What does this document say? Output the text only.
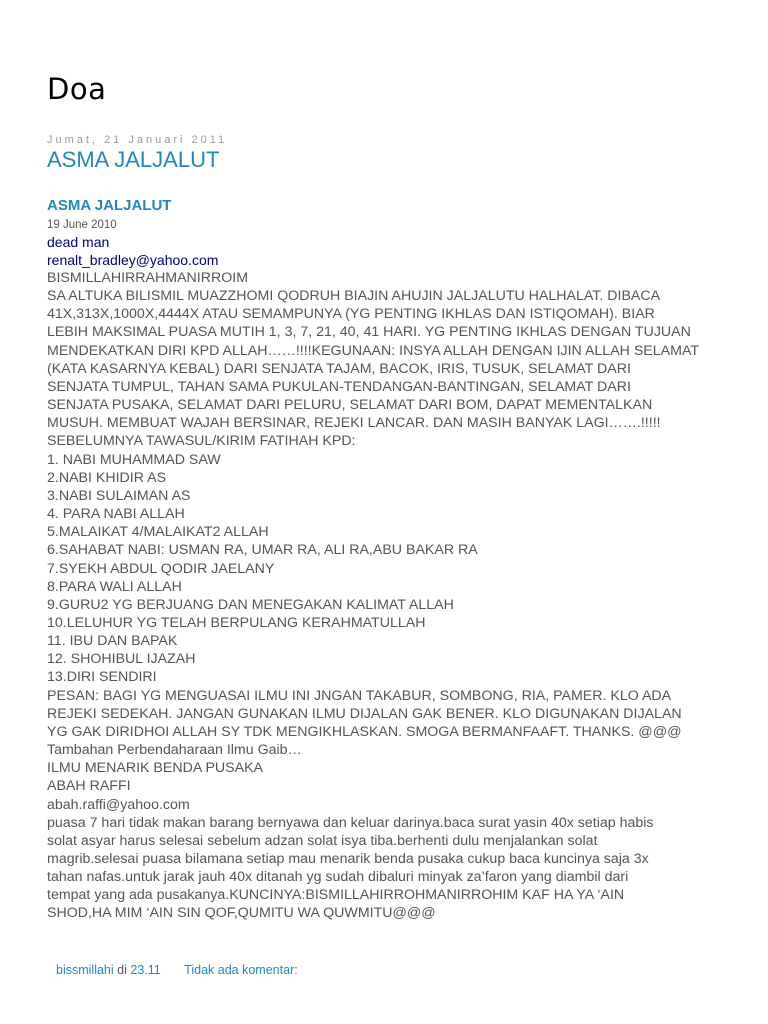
Doa
Jumat, 21 Januari 2011
ASMA JALJALUT
ASMA JALJALUT
19 June 2010
dead man
renalt_bradley@yahoo.com
BISMILLAHIRRAHMANIRROIM
SA ALTUKA BILISMIL MUAZZHOMI QODRUH BIAJIN AHUJIN JALJALUTU HALHALAT. DIBACA
41X,313X,1000X,4444X ATAU SEMAMPUNYA (YG PENTING IKHLAS DAN ISTIQOMAH). BIAR
LEBIH MAKSIMAL PUASA MUTIH 1, 3, 7, 21, 40, 41 HARI. YG PENTING IKHLAS DENGAN TUJUAN
MENDEKATKAN DIRI KPD ALLAH……!!!!KEGUNAAN: INSYA ALLAH DENGAN IJIN ALLAH SELAMAT
(KATA KASARNYA KEBAL) DARI SENJATA TAJAM, BACOK, IRIS, TUSUK, SELAMAT DARI
SENJATA TUMPUL, TAHAN SAMA PUKULAN-TENDANGAN-BANTINGAN, SELAMAT DARI
SENJATA PUSAKA, SELAMAT DARI PELURU, SELAMAT DARI BOM, DAPAT MEMENTALKAN
MUSUH. MEMBUAT WAJAH BERSINAR, REJEKI LANCAR. DAN MASIH BANYAK LAGI…….!!!!!
SEBELUMNYA TAWASUL/KIRIM FATIHAH KPD:
1. NABI MUHAMMAD SAW
2.NABI KHIDIR AS
3.NABI SULAIMAN AS
4. PARA NABI ALLAH
5.MALAIKAT 4/MALAIKAT2 ALLAH
6.SAHABAT NABI: USMAN RA, UMAR RA, ALI RA,ABU BAKAR RA
7.SYEKH ABDUL QODIR JAELANY
8.PARA WALI ALLAH
9.GURU2 YG BERJUANG DAN MENEGAKAN KALIMAT ALLAH
10.LELUHUR YG TELAH BERPULANG KERAHMATULLAH
11. IBU DAN BAPAK
12. SHOHIBUL IJAZAH
13.DIRI SENDIRI
PESAN: BAGI YG MENGUASAI ILMU INI JNGAN TAKABUR, SOMBONG, RIA, PAMER. KLO ADA
REJEKI SEDEKAH. JANGAN GUNAKAN ILMU DIJALAN GAK BENER. KLO DIGUNAKAN DIJALAN
YG GAK DIRIDHOI ALLAH SY TDK MENGIKHLASKAN. SMOGA BERMANFAAFT. THANKS. @@@
Tambahan Perbendaharaan Ilmu Gaib…
ILMU MENARIK BENDA PUSAKA
ABAH RAFFI
abah.raffi@yahoo.com
puasa 7 hari tidak makan barang bernyawa dan keluar darinya.baca surat yasin 40x setiap habis
solat asyar harus selesai sebelum adzan solat isya tiba.berhenti dulu menjalankan solat
magrib.selesai puasa bilamana setiap mau menarik benda pusaka cukup baca kuncinya saja 3x
tahan nafas.untuk jarak jauh 40x ditanah yg sudah dibaluri minyak za’faron yang diambil dari
tempat yang ada pusakanya.KUNCINYA:BISMILLAHIRROHMANIRROHIM KAF HA YA ‘AIN
SHOD,HA MIM ‘AIN SIN QOF,QUMITU WA QUWMITU@@@
bissmillahi di 23.11 Tidak ada komentar:
